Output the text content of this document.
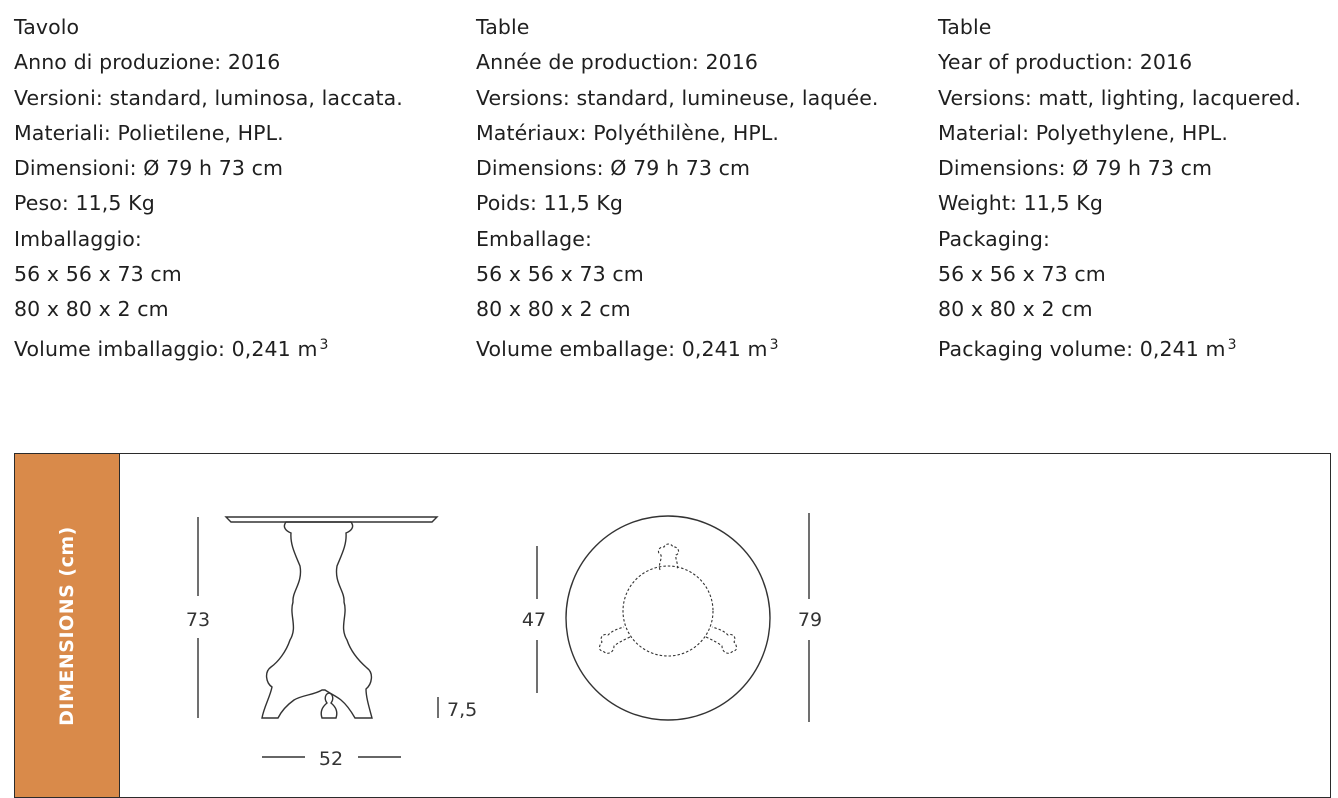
Tavolo
Anno di produzione: 2016
Versioni: standard, luminosa, laccata.
Materiali: Polietilene, HPL.
Dimensioni: Ø 79 h 73 cm
Peso: 11,5 Kg
Imballaggio:
56 x 56 x 73 cm
80 x 80 x 2 cm
Volume imballaggio: 0,241 m $^3$
Table
Année de production: 2016
Versions: standard, lumineuse, laquée.
Matériaux: Polyéthilène, HPL.
Dimensions: Ø 79 h 73 cm
Poids: 11,5 Kg
Emballage:
56 x 56 x 73 cm
80 x 80 x 2 cm
Volume emballage: 0,241 m $^3$
Table
Year of production: 2016
Versions: matt, lighting, lacquered.
Material: Polyethylene, HPL.
Dimensions: Ø 79 h 73 cm
Weight: 11,5 Kg
Packaging:
56 x 56 x 73 cm
80 x 80 x 2 cm
Packaging volume: 0,241 m $^3$
DIMENSIONS (cm)	73
52
7,5
47	79
